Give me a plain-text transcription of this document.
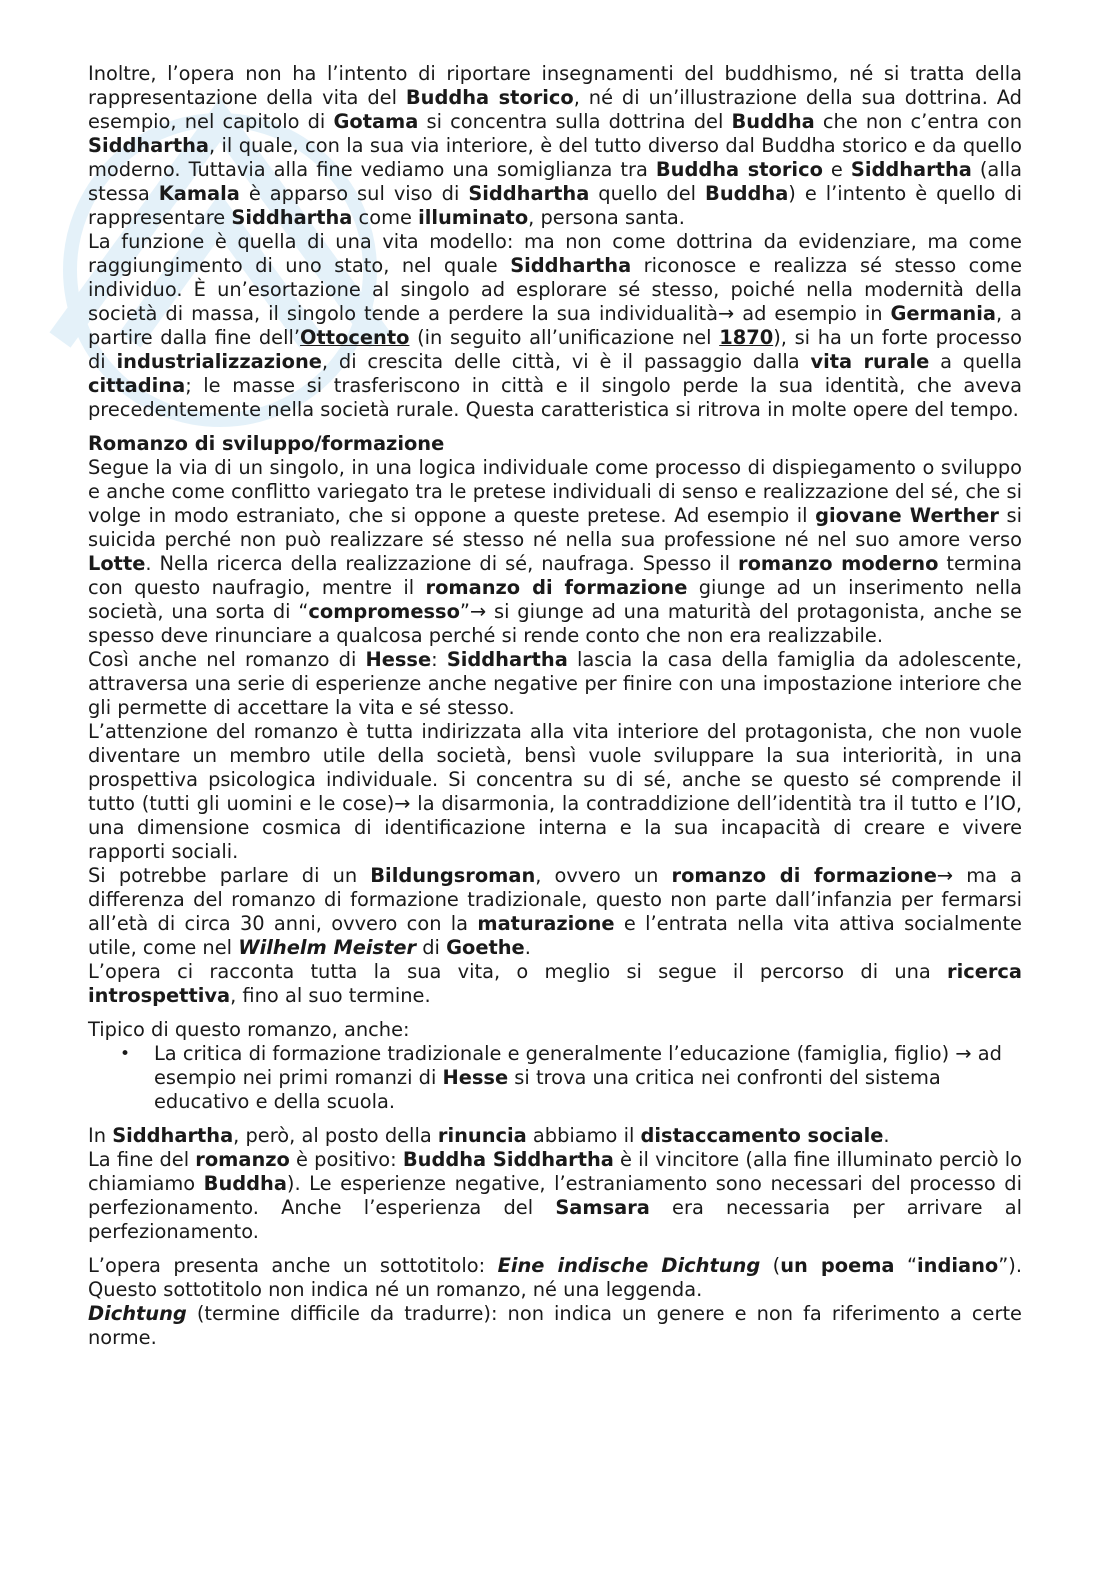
Inoltre, l’opera non ha l’intento di riportare insegnamenti del buddhismo, né si tratta della rappresentazione della vita del Buddha storico, né di un’illustrazione della sua dottrina. Ad esempio, nel capitolo di Gotama si concentra sulla dottrina del Buddha che non c’entra con Siddhartha, il quale, con la sua via interiore, è del tutto diverso dal Buddha storico e da quello moderno. Tuttavia alla fine vediamo una somiglianza tra Buddha storico e Siddhartha (alla stessa Kamala è apparso sul viso di Siddhartha quello del Buddha) e l’intento è quello di rappresentare Siddhartha come illuminato, persona santa.

La funzione è quella di una vita modello: ma non come dottrina da evidenziare, ma come raggiungimento di uno stato, nel quale Siddhartha riconosce e realizza sé stesso come individuo. È un’esortazione al singolo ad esplorare sé stesso, poiché nella modernità della società di massa, il singolo tende a perdere la sua individualità→ ad esempio in Germania, a partire dalla fine dell’Ottocento (in seguito all’unificazione nel 1870), si ha un forte processo di industrializzazione, di crescita delle città, vi è il passaggio dalla vita rurale a quella cittadina; le masse si trasferiscono in città e il singolo perde la sua identità, che aveva precedentemente nella società rurale. Questa caratteristica si ritrova in molte opere del tempo.

Romanzo di sviluppo/formazione

Segue la via di un singolo, in una logica individuale come processo di dispiegamento o sviluppo e anche come conflitto variegato tra le pretese individuali di senso e realizzazione del sé, che si volge in modo estraniato, che si oppone a queste pretese. Ad esempio il giovane Werther si suicida perché non può realizzare sé stesso né nella sua professione né nel suo amore verso Lotte. Nella ricerca della realizzazione di sé, naufraga. Spesso il romanzo moderno termina con questo naufragio, mentre il romanzo di formazione giunge ad un inserimento nella società, una sorta di “compromesso”→ si giunge ad una maturità del protagonista, anche se spesso deve rinunciare a qualcosa perché si rende conto che non era realizzabile.

Così anche nel romanzo di Hesse: Siddhartha lascia la casa della famiglia da adolescente, attraversa una serie di esperienze anche negative per finire con una impostazione interiore che gli permette di accettare la vita e sé stesso.

L’attenzione del romanzo è tutta indirizzata alla vita interiore del protagonista, che non vuole diventare un membro utile della società, bensì vuole sviluppare la sua interiorità, in una prospettiva psicologica individuale. Si concentra su di sé, anche se questo sé comprende il tutto (tutti gli uomini e le cose)→ la disarmonia, la contraddizione dell’identità tra il tutto e l’IO, una dimensione cosmica di identificazione interna e la sua incapacità di creare e vivere rapporti sociali.

Si potrebbe parlare di un Bildungsroman, ovvero un romanzo di formazione→ ma a differenza del romanzo di formazione tradizionale, questo non parte dall’infanzia per fermarsi all’età di circa 30 anni, ovvero con la maturazione e l’entrata nella vita attiva socialmente utile, come nel Wilhelm Meister di Goethe.

L’opera ci racconta tutta la sua vita, o meglio si segue il percorso di una ricerca introspettiva, fino al suo termine.

Tipico di questo romanzo, anche:

• La critica di formazione tradizionale e generalmente l’educazione (famiglia, figlio) → ad esempio nei primi romanzi di Hesse si trova una critica nei confronti del sistema educativo e della scuola.

In Siddhartha, però, al posto della rinuncia abbiamo il distaccamento sociale.

La fine del romanzo è positivo: Buddha Siddhartha è il vincitore (alla fine illuminato perciò lo chiamiamo Buddha). Le esperienze negative, l’estraniamento sono necessari del processo di perfezionamento. Anche l’esperienza del Samsara era necessaria per arrivare al perfezionamento.

L’opera presenta anche un sottotitolo: Eine indische Dichtung (un poema “indiano”). Questo sottotitolo non indica né un romanzo, né una leggenda.

Dichtung (termine difficile da tradurre): non indica un genere e non fa riferimento a certe norme.
